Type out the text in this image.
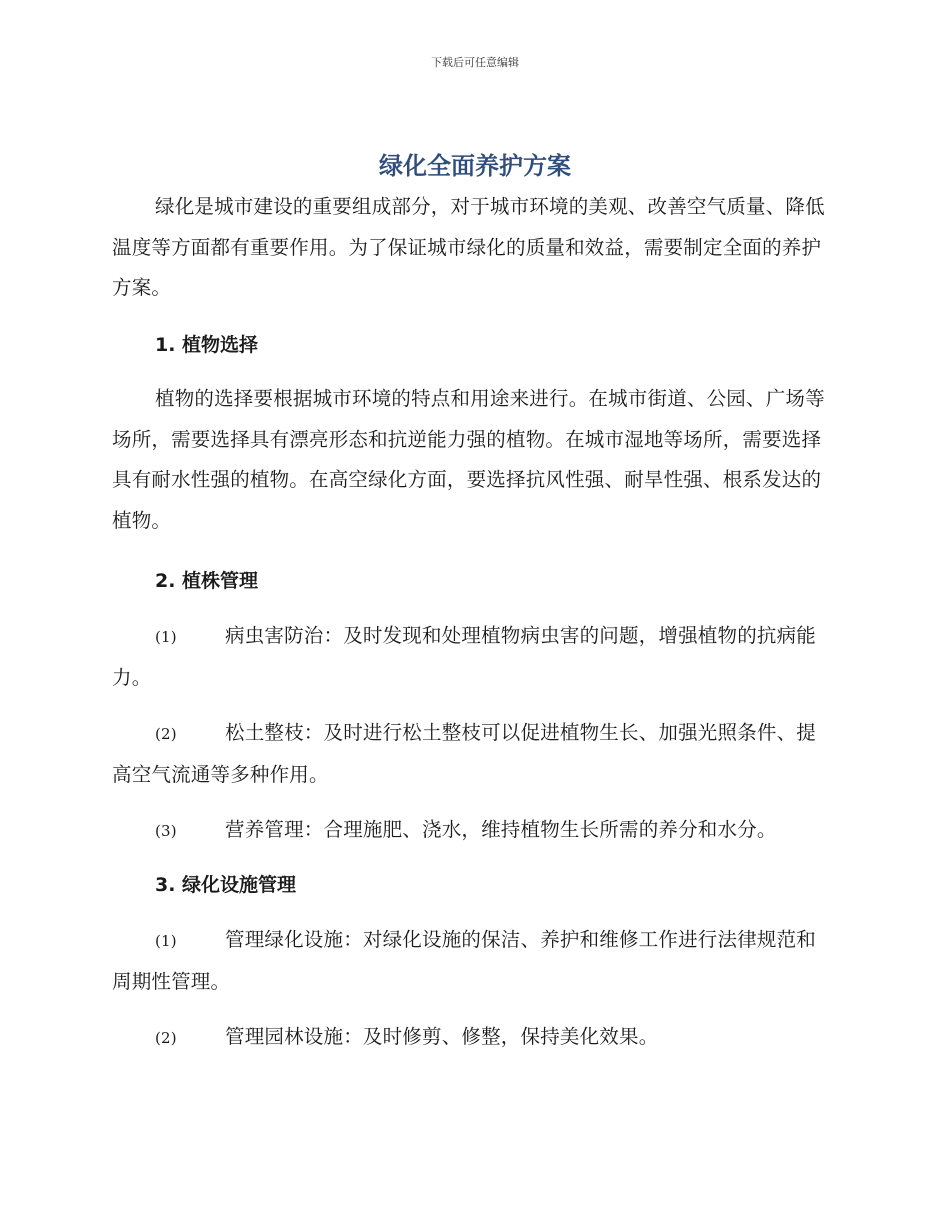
下载后可任意编辑
绿化全面养护方案

绿化是城市建设的重要组成部分，对于城市环境的美观、改善空气质量、降低温度等方面都有重要作用。为了保证城市绿化的质量和效益，需要制定全面的养护方案。

1. 植物选择

植物的选择要根据城市环境的特点和用途来进行。在城市街道、公园、广场等场所，需要选择具有漂亮形态和抗逆能力强的植物。在城市湿地等场所，需要选择具有耐水性强的植物。在高空绿化方面，要选择抗风性强、耐旱性强、根系发达的植物。

2. 植株管理

(1) 病虫害防治：及时发现和处理植物病虫害的问题，增强植物的抗病能力。

(2) 松土整枝：及时进行松土整枝可以促进植物生长、加强光照条件、提高空气流通等多种作用。

(3) 营养管理：合理施肥、浇水，维持植物生长所需的养分和水分。

3. 绿化设施管理

(1) 管理绿化设施：对绿化设施的保洁、养护和维修工作进行法律规范和周期性管理。

(2) 管理园林设施：及时修剪、修整，保持美化效果。
